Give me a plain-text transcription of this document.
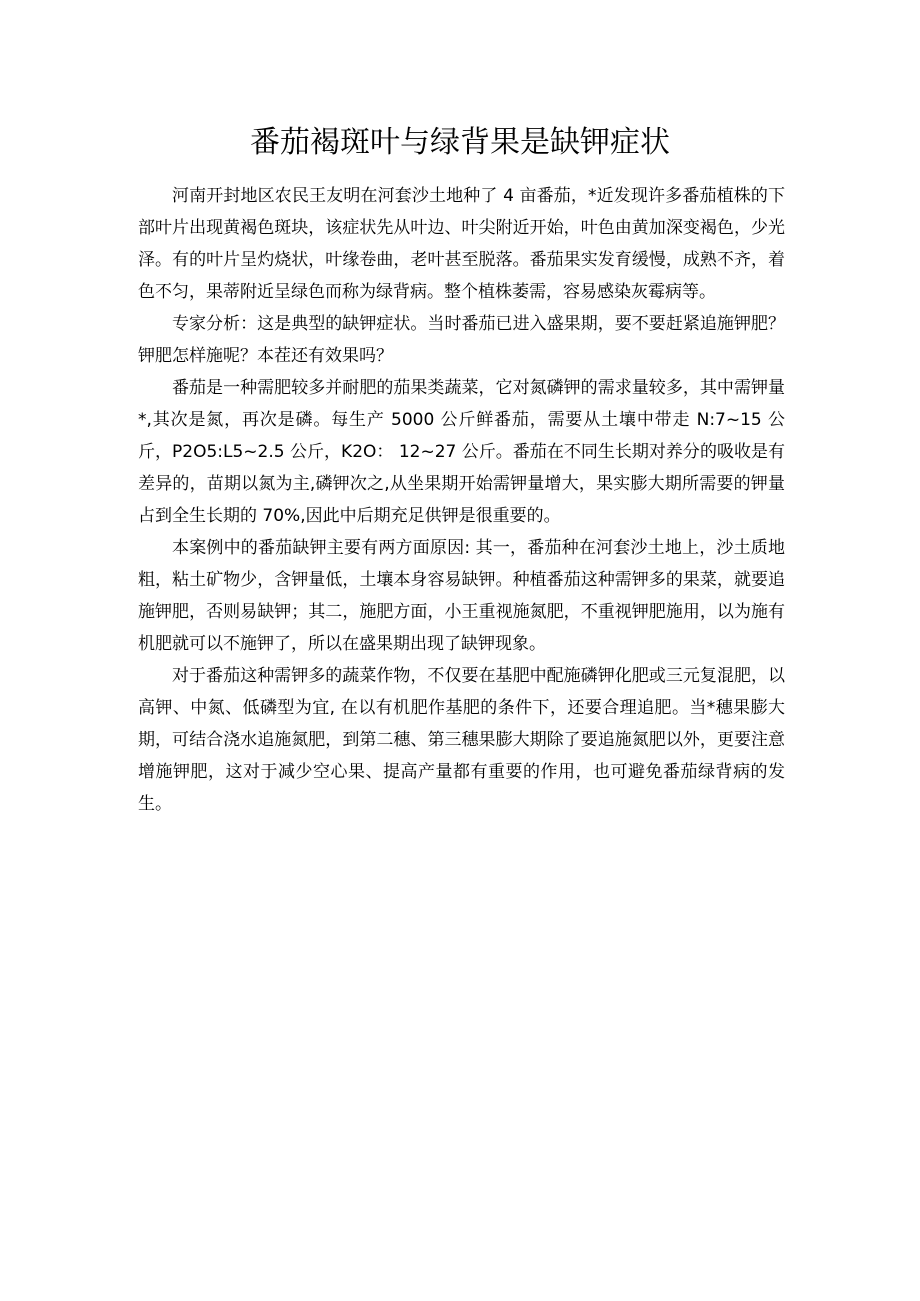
番茄褐斑叶与绿背果是缺钾症状

河南开封地区农民王友明在河套沙土地种了 4 亩番茄，*近发现许多番茄植株的下部叶片出现黄褐色斑块，该症状先从叶边、叶尖附近开始，叶色由黄加深变褐色，少光泽。有的叶片呈灼烧状，叶缘卷曲，老叶甚至脱落。番茄果实发育缓慢，成熟不齐，着色不匀，果蒂附近呈绿色而称为绿背病。整个植株萎需，容易感染灰霉病等。

专家分析：这是典型的缺钾症状。当时番茄已进入盛果期，要不要赶紧追施钾肥？钾肥怎样施呢？本茬还有效果吗？

番茄是一种需肥较多并耐肥的茄果类蔬菜，它对氮磷钾的需求量较多，其中需钾量*,其次是氮，再次是磷。每生产 5000 公斤鲜番茄，需要从土壤中带走 N:7~15 公斤，P2O5:L5~2.5 公斤，K2O： 12~27 公斤。番茄在不同生长期对养分的吸收是有差异的，苗期以氮为主,磷钾次之,从坐果期开始需钾量增大，果实膨大期所需要的钾量占到全生长期的 70%,因此中后期充足供钾是很重要的。

本案例中的番茄缺钾主要有两方面原因: 其一，番茄种在河套沙土地上，沙土质地粗，粘土矿物少，含钾量低，土壤本身容易缺钾。种植番茄这种需钾多的果菜，就要追施钾肥，否则易缺钾；其二，施肥方面，小王重视施氮肥，不重视钾肥施用，以为施有机肥就可以不施钾了，所以在盛果期出现了缺钾现象。

对于番茄这种需钾多的蔬菜作物，不仅要在基肥中配施磷钾化肥或三元复混肥，以高钾、中氮、低磷型为宜, 在以有机肥作基肥的条件下，还要合理追肥。当*穗果膨大期，可结合浇水追施氮肥，到第二穗、第三穗果膨大期除了要追施氮肥以外，更要注意增施钾肥，这对于减少空心果、提高产量都有重要的作用，也可避免番茄绿背病的发生。
